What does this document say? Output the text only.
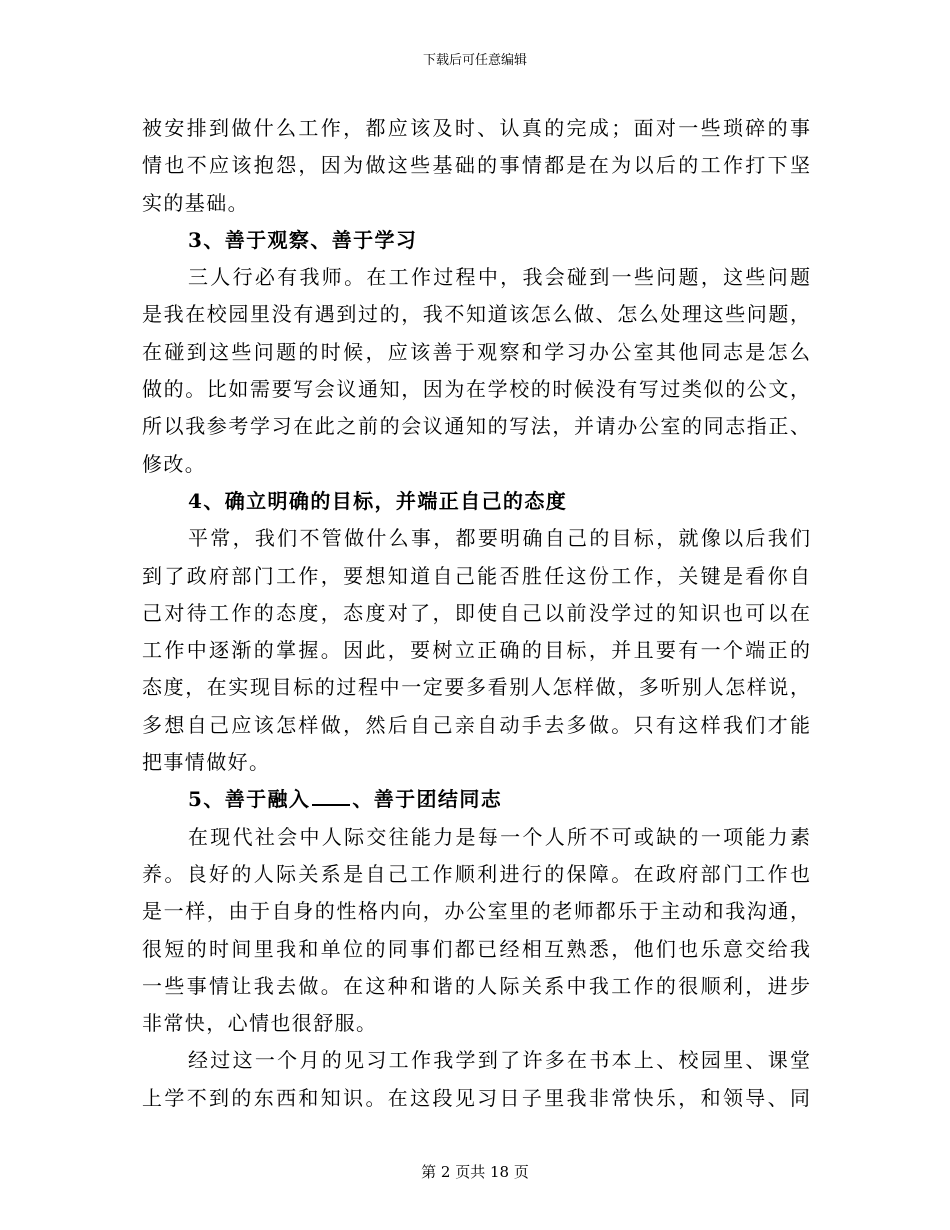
下载后可任意编辑
被安排到做什么工作，都应该及时、认真的完成；面对一些琐碎的事
情也不应该抱怨，因为做这些基础的事情都是在为以后的工作打下坚
实的基础。
3、善于观察、善于学习
三人行必有我师。在工作过程中，我会碰到一些问题，这些问题
是我在校园里没有遇到过的，我不知道该怎么做、怎么处理这些问题，
在碰到这些问题的时候，应该善于观察和学习办公室其他同志是怎么
做的。比如需要写会议通知，因为在学校的时候没有写过类似的公文，
所以我参考学习在此之前的会议通知的写法，并请办公室的同志指正、
修改。
4、确立明确的目标，并端正自己的态度
平常，我们不管做什么事，都要明确自己的目标，就像以后我们
到了政府部门工作，要想知道自己能否胜任这份工作，关键是看你自
己对待工作的态度，态度对了，即使自己以前没学过的知识也可以在
工作中逐渐的掌握。因此，要树立正确的目标，并且要有一个端正的
态度，在实现目标的过程中一定要多看别人怎样做，多听别人怎样说，
多想自己应该怎样做，然后自己亲自动手去多做。只有这样我们才能
把事情做好。
5、善于融入 、善于团结同志
在现代社会中人际交往能力是每一个人所不可或缺的一项能力素
养。良好的人际关系是自己工作顺利进行的保障。在政府部门工作也
是一样，由于自身的性格内向，办公室里的老师都乐于主动和我沟通，
很短的时间里我和单位的同事们都已经相互熟悉，他们也乐意交给我
一些事情让我去做。在这种和谐的人际关系中我工作的很顺利，进步
非常快，心情也很舒服。
经过这一个月的见习工作我学到了许多在书本上、校园里、课堂
上学不到的东西和知识。在这段见习日子里我非常快乐，和领导、同
第 2 页共 18 页
